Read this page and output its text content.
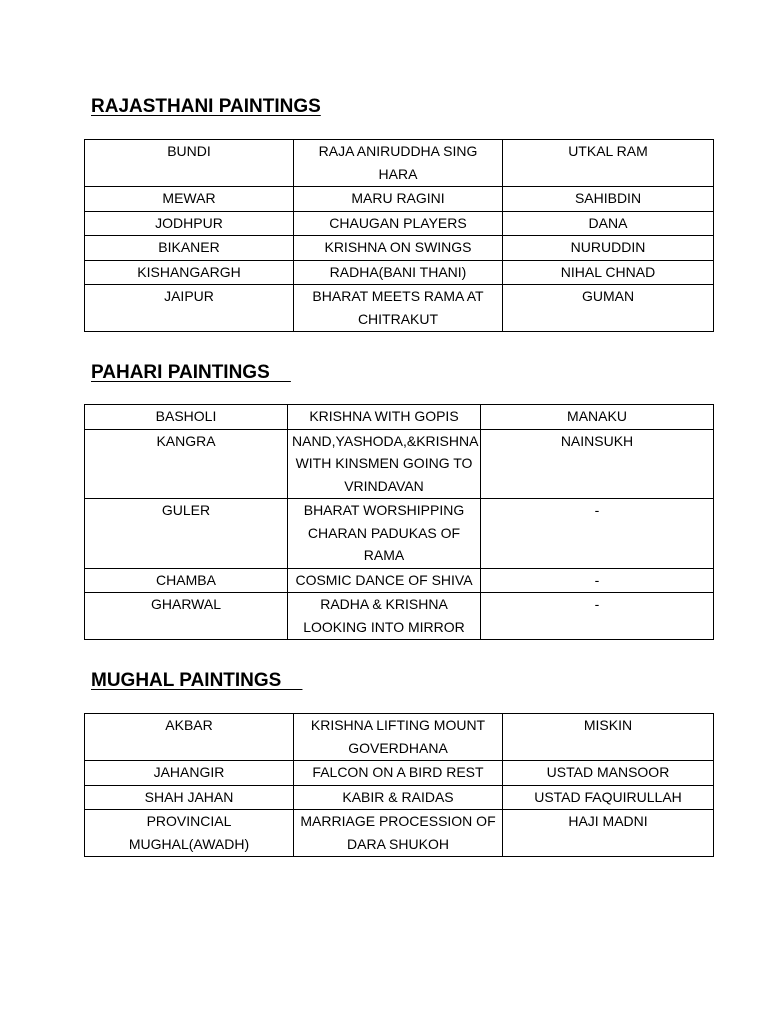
RAJASTHANI PAINTINGS
BUNDI	RAJA ANIRUDDHA SING HARA	UTKAL RAM
MEWAR	MARU RAGINI	SAHIBDIN
JODHPUR	CHAUGAN PLAYERS	DANA
BIKANER	KRISHNA ON SWINGS	NURUDDIN
KISHANGARGH	RADHA(BANI THANI)	NIHAL CHNAD
JAIPUR	BHARAT MEETS RAMA AT CHITRAKUT	GUMAN
PAHARI PAINTINGS
BASHOLI	KRISHNA WITH GOPIS	MANAKU
KANGRA	NAND,YASHODA,&KRISHNA WITH KINSMEN GOING TO VRINDAVAN	NAINSUKH
GULER	BHARAT WORSHIPPING CHARAN PADUKAS OF RAMA	-
CHAMBA	COSMIC DANCE OF SHIVA	-
GHARWAL	RADHA & KRISHNA LOOKING INTO MIRROR	-
MUGHAL PAINTINGS
AKBAR	KRISHNA LIFTING MOUNT GOVERDHANA	MISKIN
JAHANGIR	FALCON ON A BIRD REST	USTAD MANSOOR
SHAH JAHAN	KABIR & RAIDAS	USTAD FAQUIRULLAH
PROVINCIAL MUGHAL(AWADH)	MARRIAGE PROCESSION OF DARA SHUKOH	HAJI MADNI
